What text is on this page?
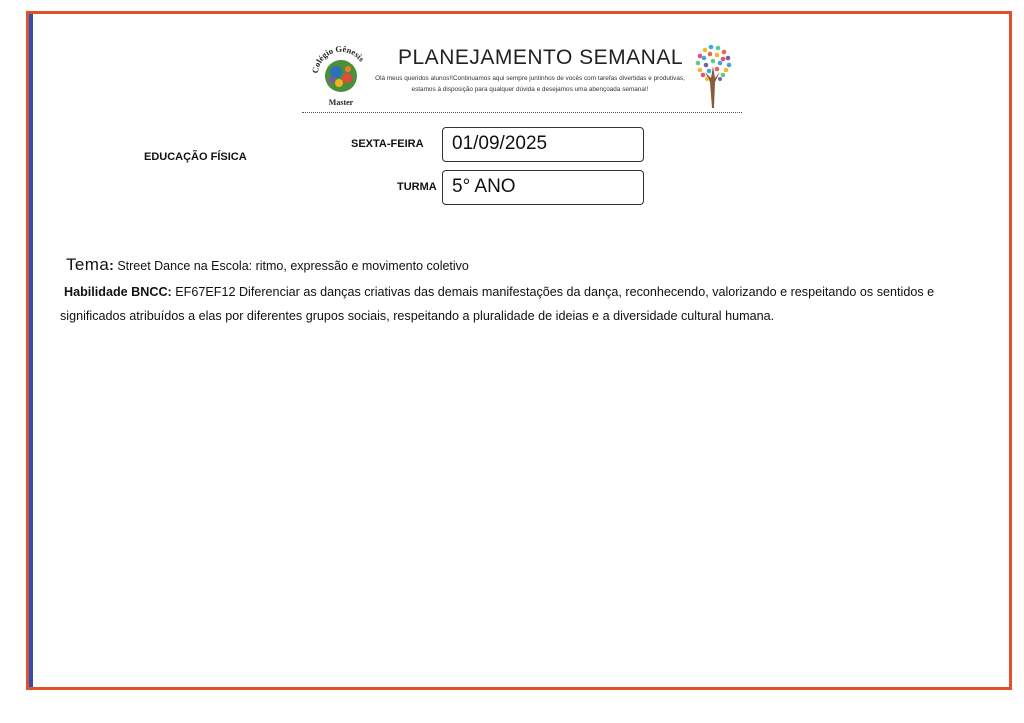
Colégio Gênesis
Master
PLANEJAMENTO SEMANAL
Olá meus queridos alunos!!Continuamos aqui sempre juntinhos de vocês com tarefas divertidas e produtivas, estamos à disposição para qualquer dúvida e desejamos uma abençoada semana!!
EDUCAÇÃO FÍSICA
SEXTA-FEIRA	01/09/2025
TURMA 5° ANO
Tema: Street Dance na Escola: ritmo, expressão e movimento coletivo
Habilidade BNCC: EF67EF12 Diferenciar as danças criativas das demais manifestações da dança, reconhecendo, valorizando e respeitando os sentidos e significados atribuídos a elas por diferentes grupos sociais, respeitando a pluralidade de ideias e a diversidade cultural humana.
